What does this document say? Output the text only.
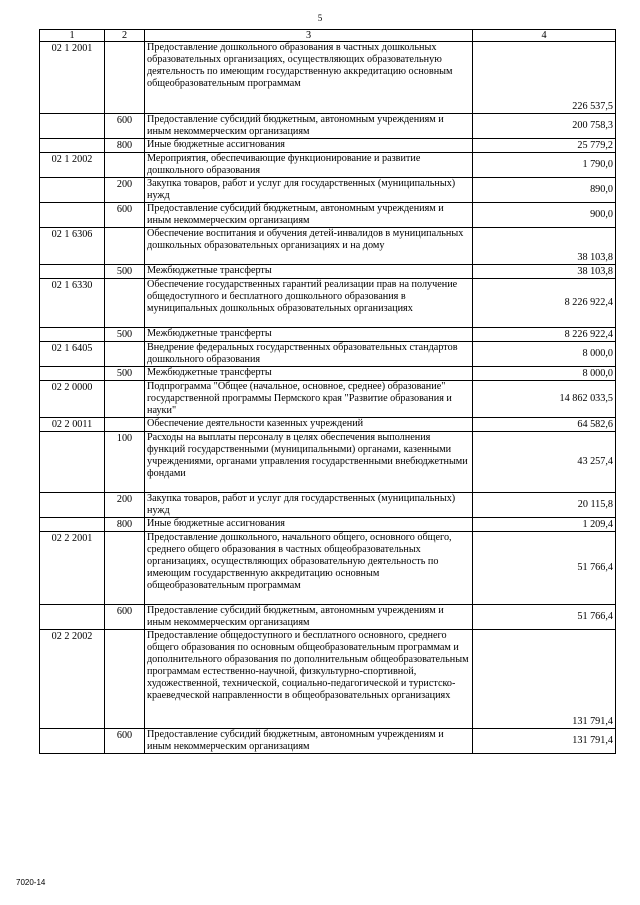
5
1	2	3	4
02 1 2001		Предоставление дошкольного образования в частных дошкольных образовательных организациях, осуществляющих образовательную деятельность по имеющим государственную аккредитацию основным общеобразовательным программам	226 537,5
	600	Предоставление субсидий бюджетным, автономным учреждениям и иным некоммерческим организациям	200 758,3
	800	Иные бюджетные ассигнования	25 779,2
02 1 2002		Мероприятия, обеспечивающие функционирование и развитие дошкольного образования	1 790,0
	200	Закупка товаров, работ и услуг для государственных (муниципальных) нужд	890,0
	600	Предоставление субсидий бюджетным, автономным учреждениям и иным некоммерческим организациям	900,0
02 1 6306		Обеспечение воспитания и обучения детей-инвалидов в муниципальных дошкольных образовательных организациях и на дому	38 103,8
	500	Межбюджетные трансферты	38 103,8
02 1 6330		Обеспечение государственных гарантий реализации прав на получение общедоступного и бесплатного дошкольного образования в муниципальных дошкольных образовательных организациях	8 226 922,4
	500	Межбюджетные трансферты	8 226 922,4
02 1 6405		Внедрение федеральных государственных образовательных стандартов дошкольного образования	8 000,0
	500	Межбюджетные трансферты	8 000,0
02 2 0000		Подпрограмма "Общее (начальное, основное, среднее) образование" государственной программы Пермского края "Развитие образования и науки"	14 862 033,5
02 2 0011		Обеспечение деятельности казенных учреждений	64 582,6
	100	Расходы на выплаты персоналу в целях обеспечения выполнения функций государственными (муниципальными) органами, казенными учреждениями, органами управления государственными внебюджетными фондами	43 257,4
	200	Закупка товаров, работ и услуг для государственных (муниципальных) нужд	20 115,8
	800	Иные бюджетные ассигнования	1 209,4
02 2 2001		Предоставление дошкольного, начального общего, основного общего, среднего общего образования в частных общеобразовательных организациях, осуществляющих образовательную деятельность по имеющим государственную аккредитацию основным общеобразовательным программам	51 766,4
	600	Предоставление субсидий бюджетным, автономным учреждениям и иным некоммерческим организациям	51 766,4
02 2 2002		Предоставление общедоступного и бесплатного основного, среднего общего образования по основным общеобразовательным программам и дополнительного образования по дополнительным общеобразовательным программам естественно-научной, физкультурно-спортивной, художественной, технической, социально-педагогической и туристско-краеведческой направленности в общеобразовательных организациях	131 791,4
	600	Предоставление субсидий бюджетным, автономным учреждениям и иным некоммерческим организациям	131 791,4
7020-14
